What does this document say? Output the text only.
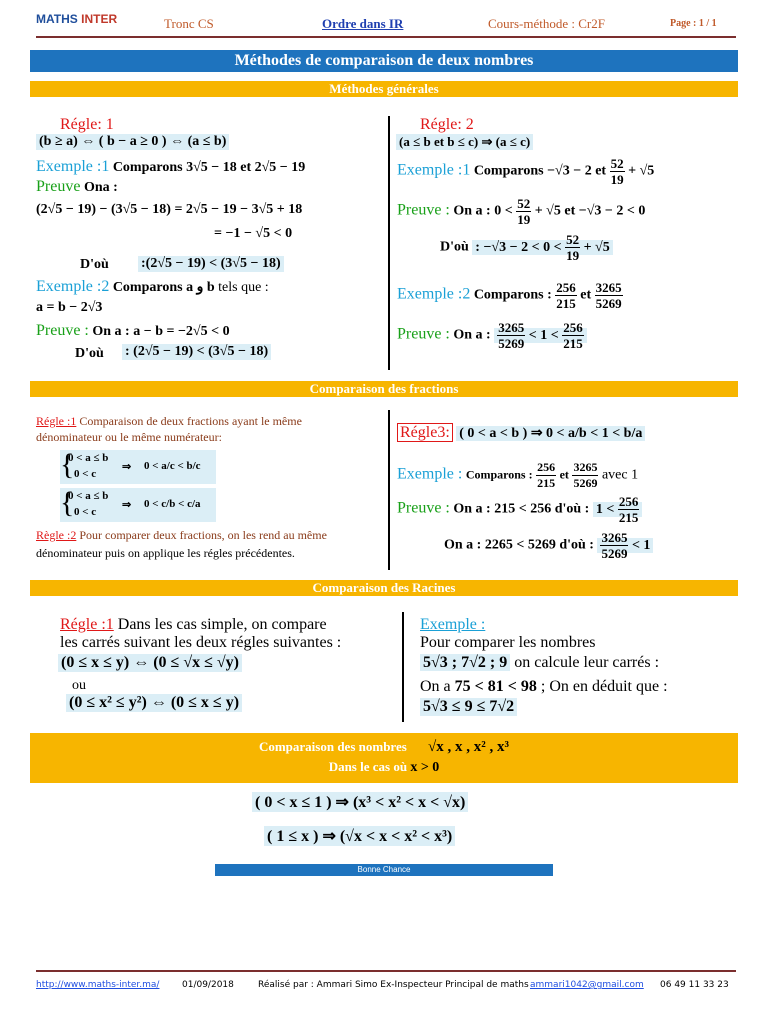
MATHS INTER	Tronc CS	Ordre dans IR	Cours-méthode : Cr2F	Page : 1 / 1
Méthodes de comparaison de deux nombres
Méthodes générales
Régle: 1
(b ≥ a) ⇔ ( b − a ≥ 0 ) ⇔ (a ≤ b)
Exemple :1 Comparons 3√5 − 18 et 2√5 − 19
Preuve Ona :
(2√5 − 19) − (3√5 − 18) = 2√5 − 19 − 3√5 + 18
= −1 − √5 < 0
D'où :(2√5 − 19) < (3√5 − 18)
Exemple :2 Comparons a و b tels que :
a = b − 2√3
Preuve : On a : a − b = −2√5 < 0
D'où : (2√5 − 19) < (3√5 − 18)
Régle: 2
(a ≤ b et b ≤ c) ⇒ (a ≤ c)
Exemple :1 Comparons −√3 − 2 et $\frac{52}{19} + √5$
Preuve : On a : $0 < \frac{52}{19} + √5$ et −√3 − 2 < 0
D'où : $-√3 - 2 < 0 < \frac{52}{19} + √5$
Exemple :2 Comparons : $\frac{256}{215}$ et $\frac{3265}{5269}$
Preuve : On a : $\frac{3265}{5269} < 1 < \frac{256}{215}$
Comparaison des fractions
Régle :1 Comparaison de deux fractions ayant le même
dénominateur ou le même numérateur:
{
0 < a ≤ b
0 < c
⇒ 0 < a/c < b/c
{
0 < a ≤ b
0 < c
⇒ 0 < c/b < c/a
Règle :2 Pour comparer deux fractions, on les rend au même
dénominateur puis on applique les régles précédentes.
Régle3: ( 0 < a < b ) ⇒ 0 < a/b < 1 < b/a
Exemple : Comparons : $\frac{256}{215}$ et $\frac{3265}{5269}$ avec 1
Preuve : On a : 215 < 256 d'où : $1 < \frac{256}{215}$
On a : 2265 < 5269 d'où : $\frac{3265}{5269} < 1$
Comparaison des Racines
Régle :1 Dans les cas simple, on compare
les carrés suivant les deux régles suivantes :
(0 ≤ x ≤ y) ⇔ (0 ≤ √x ≤ √y)
ou
(0 ≤ x² ≤ y²) ⇔ (0 ≤ x ≤ y)
Exemple :
Pour comparer les nombres
5√3 ; 7√2 ; 9 on calcule leur carrés :
On a 75 < 81 < 98 ; On en déduit que :
5√3 ≤ 9 ≤ 7√2
Comparaison des nombres √x , x , x² , x³
Dans le cas où x > 0
( 0 < x ≤ 1 ) ⇒ (x³ < x² < x < √x)
( 1 ≤ x ) ⇒ (√x < x < x² < x³)
Bonne Chance
http://www.maths-inter.ma/	01/09/2018	Réalisé par : Ammari Simo Ex-Inspecteur Principal de maths ammari1042@gmail.com 06 49 11 33 23
